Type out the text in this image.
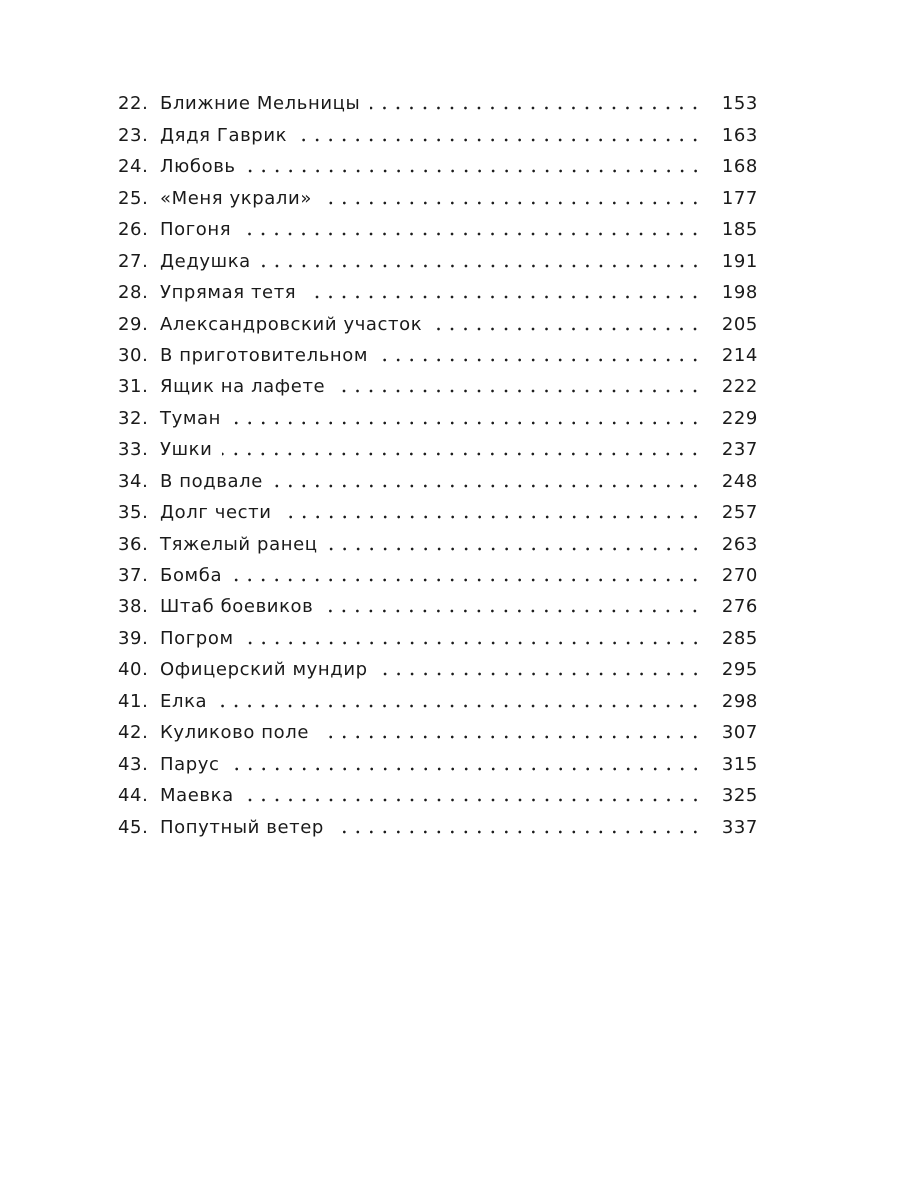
22. Ближние Мельницы	153
23. Дядя Гаврик	163
24. Любовь	168
25. «Меня украли»	177
26. Погоня	185
27. Дедушка	191
28. Упрямая тетя	198
29. Александровский участок	205
30. В приготовительном	214
31. Ящик на лафете	222
32. Туман	229
33. Ушки	237
34. В подвале	248
35. Долг чести	257
36. Тяжелый ранец	263
37. Бомба	270
38. Штаб боевиков	276
39. Погром	285
40. Офицерский мундир	295
41. Елка	298
42. Куликово поле	307
43. Парус	315
44. Маевка	325
45. Попутный ветер	337
